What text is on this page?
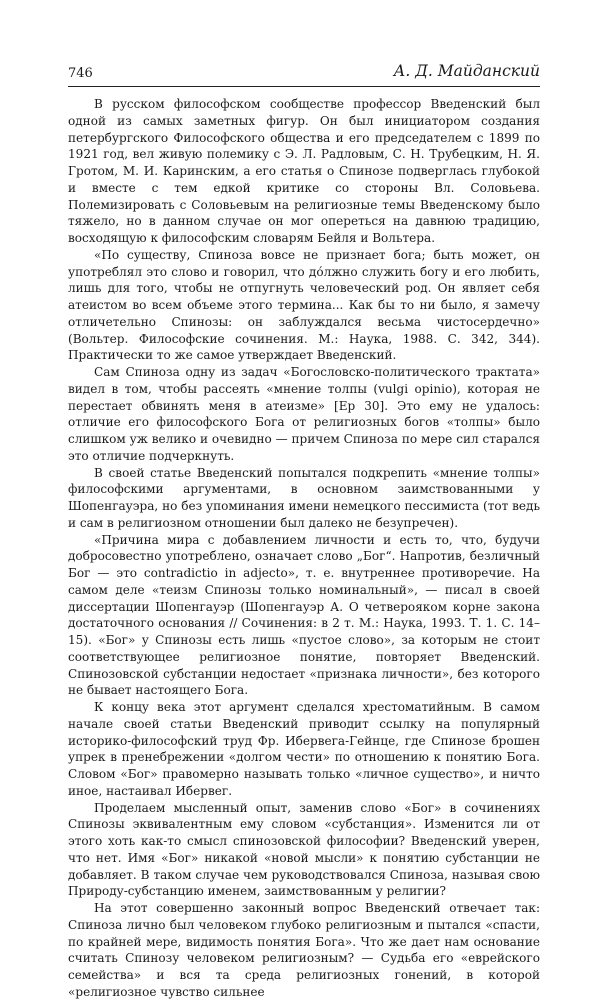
746	А. Д. Майданский

В русском философском сообществе профессор Введенский был одной из самых заметных фигур. Он был инициатором создания петербургского Философского общества и его председателем с 1899 по 1921 год, вел живую полемику с Э. Л. Радловым, С. Н. Трубецким, Н. Я. Гротом, М. И. Каринским, а его статья о Спинозе подверглась глубокой и вместе с тем едкой критике со стороны Вл. Соловьева. Полемизировать с Соловьевым на религиозные темы Введенскому было тяжело, но в данном случае он мог опереться на давнюю традицию, восходящую к философским словарям Бейля и Вольтера.

«По существу, Спиноза вовсе не признает бога; быть может, он употреблял это слово и говорил, что до́лжно служить богу и его любить, лишь для того, чтобы не отпугнуть человеческий род. Он являет себя атеистом во всем объеме этого термина... Как бы то ни было, я замечу отличетельно Спинозы: он заблуждался весьма чистосердечно» (Вольтер. Философские сочинения. М.: Наука, 1988. С. 342, 344). Практически то же самое утверждает Введенский.

Сам Спиноза одну из задач «Богословско-политического трактата» видел в том, чтобы рассеять «мнение толпы (vulgi opinio), которая не перестает обвинять меня в атеизме» [Ep 30]. Это ему не удалось: отличие его философского Бога от религиозных богов «толпы» было слишком уж велико и очевидно — причем Спиноза по мере сил старался это отличие подчеркнуть.

В своей статье Введенский попытался подкрепить «мнение толпы» философскими аргументами, в основном заимствованными у Шопенгауэра, но без упоминания имени немецкого пессимиста (тот ведь и сам в религиозном отношении был далеко не безупречен).

«Причина мира с добавлением личности и есть то, что, будучи добросовестно употреблено, означает слово „Бог“. Напротив, безличный Бог — это contradictio in adjecto», т. е. внутреннее противоречие. На самом деле «теизм Спинозы только номинальный», — писал в своей диссертации Шопенгауэр (Шопенгауэр А. О четвероякoм корне закона достаточного основания // Сочинения: в 2 т. М.: Наука, 1993. Т. 1. С. 14–15). «Бог» у Спинозы есть лишь «пустое слово», за которым не стоит соответствующее религиозное понятие, повторяет Введенский. Спинозовской субстанции недостает «признака личности», без которого не бывает настоящего Бога.

К концу века этот аргумент сделался хрестоматийным. В самом начале своей статьи Введенский приводит ссылку на популярный историко-философский труд Фр. Ибервега-Гейнце, где Спинозе брошен упрек в пренебрежении «долгом чести» по отношению к понятию Бога. Словом «Бог» правомерно называть только «личное существо», и ничто иное, настаивал Ибервег.

Проделаем мысленный опыт, заменив слово «Бог» в сочинениях Спинозы эквивалентным ему словом «субстанция». Изменится ли от этого хоть как-то смысл спинозовской философии? Введенский уверен, что нет. Имя «Бог» никакой «новой мысли» к понятию субстанции не добавляет. В таком случае чем руководствовался Спиноза, называя свою Природу-субстанцию именем, заимствованным у религии?

На этот совершенно законный вопрос Введенский отвечает так: Спиноза лично был человеком глубоко религиозным и пытался «спасти, по крайней мере, видимость понятия Бога». Что же дает нам основание считать Спинозу человеком религиозным? — Судьба его «еврейского семейства» и вся та среда религиозных гонений, в которой «религиозное чувство сильнее
